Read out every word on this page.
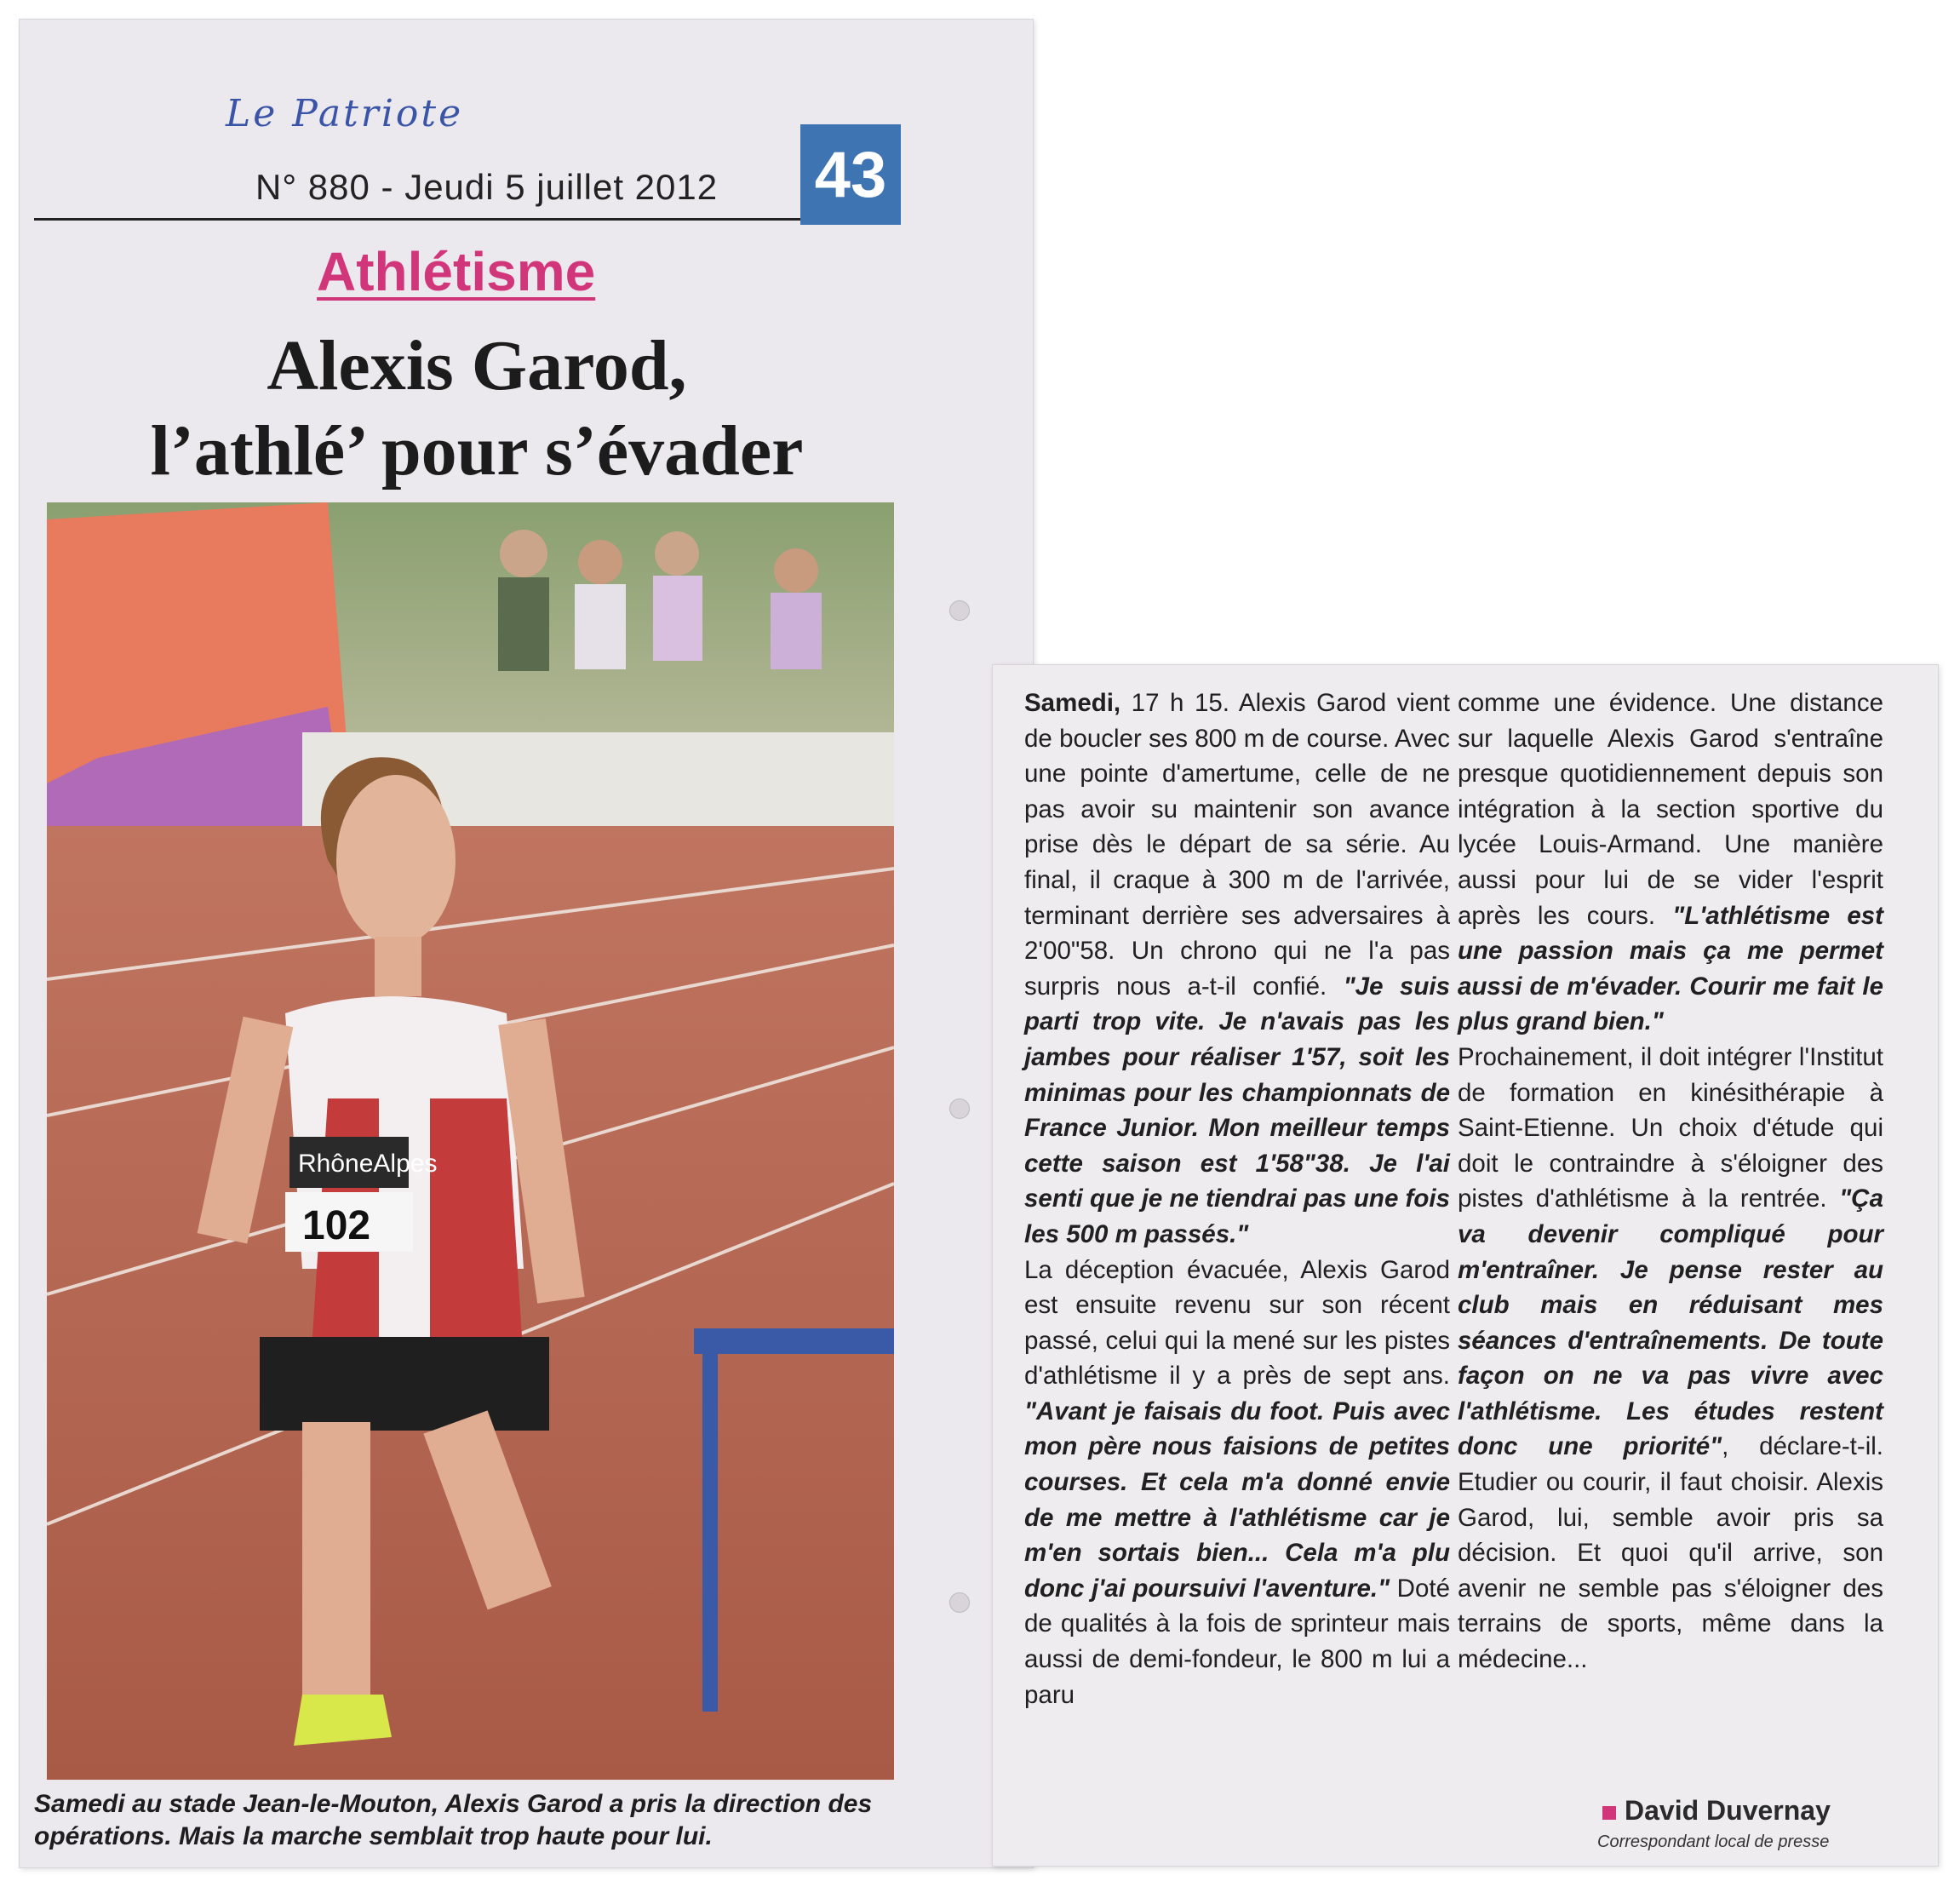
Le Patriote
N° 880 - Jeudi 5 juillet 2012 43
Athlétisme
Alexis Garod,
l’athlé’ pour s’évader
RhôneAlpes
102
Samedi au stade Jean-le-Mouton, Alexis Garod a pris la direction des opérations. Mais la marche semblait trop haute pour lui.

Samedi, 17 h 15. Alexis Garod vient de boucler ses 800 m de course. Avec une pointe d'amertume, celle de ne pas avoir su maintenir son avance prise dès le départ de sa série. Au final, il craque à 300 m de l'arrivée, terminant derrière ses adversaires à 2'00"58. Un chrono qui ne l'a pas surpris nous a-t-il confié. "Je suis parti trop vite. Je n'avais pas les jambes pour réaliser 1'57, soit les minimas pour les championnats de France Junior. Mon meilleur temps cette saison est 1'58"38. Je l'ai senti que je ne tiendrai pas une fois les 500 m passés."

La déception évacuée, Alexis Garod est ensuite revenu sur son récent passé, celui qui la mené sur les pistes d'athlétisme il y a près de sept ans. "Avant je faisais du foot. Puis avec mon père nous faisions de petites courses. Et cela m'a donné envie de me mettre à l'athlétisme car je m'en sortais bien... Cela m'a plu donc j'ai poursuivi l'aventure." Doté de qualités à la fois de sprinteur mais aussi de demi-fondeur, le 800 m lui a paru

comme une évidence. Une distance sur laquelle Alexis Garod s'entraîne presque quotidiennement depuis son intégration à la section sportive du lycée Louis-Armand. Une manière aussi pour lui de se vider l'esprit après les cours. "L'athlétisme est une passion mais ça me permet aussi de m'évader. Courir me fait le plus grand bien."

Prochainement, il doit intégrer l'Institut de formation en kinésithérapie à Saint-Etienne. Un choix d'étude qui doit le contraindre à s'éloigner des pistes d'athlétisme à la rentrée. "Ça va devenir compliqué pour m'entraîner. Je pense rester au club mais en réduisant mes séances d'entraînements. De toute façon on ne va pas vivre avec l'athlétisme. Les études restent donc une priorité", déclare-t-il. Etudier ou courir, il faut choisir. Alexis Garod, lui, semble avoir pris sa décision. Et quoi qu'il arrive, son avenir ne semble pas s'éloigner des terrains de sports, même dans la médecine...

David Duvernay
Correspondant local de presse
